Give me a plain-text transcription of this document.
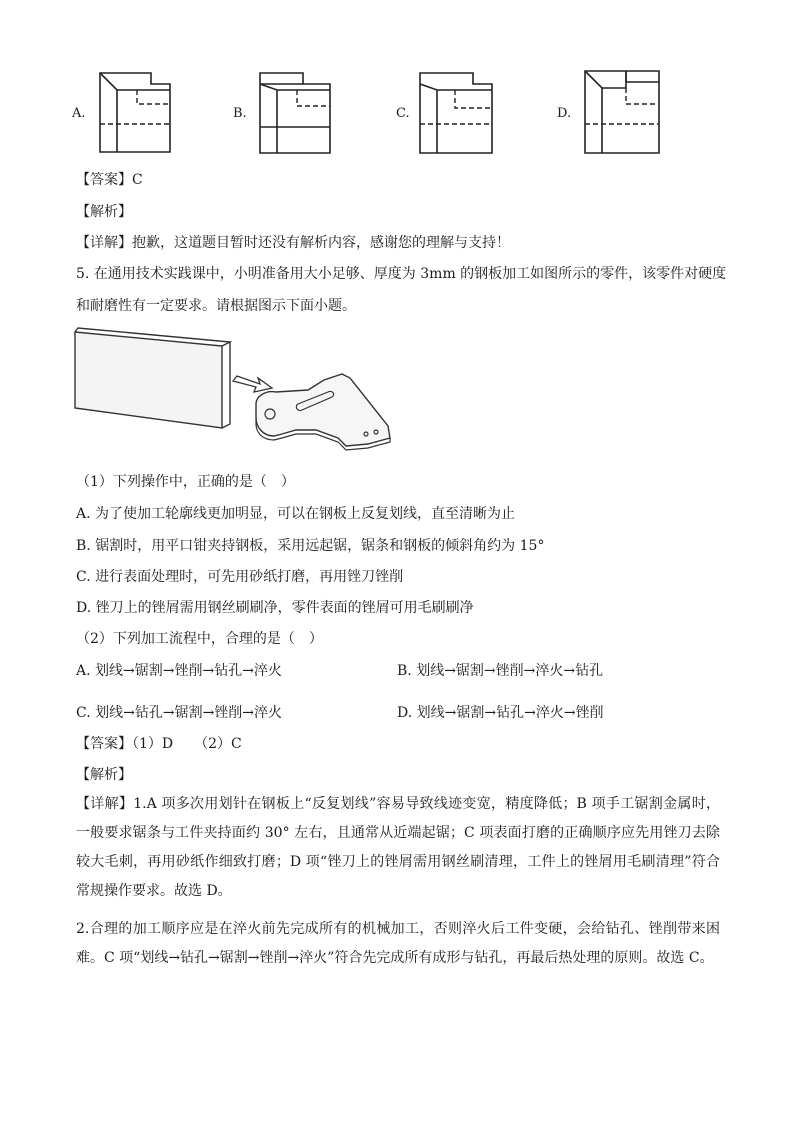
A.	B.	C.	D.
【答案】C
【解析】
【详解】抱歉，这道题目暂时还没有解析内容，感谢您的理解与支持！
5. 在通用技术实践课中，小明准备用大小足够、厚度为 3mm 的钢板加工如图所示的零件，该零件对硬度
和耐磨性有一定要求。请根据图示下面小题。
（1）下列操作中，正确的是（　）
A. 为了使加工轮廓线更加明显，可以在钢板上反复划线，直至清晰为止
B. 锯割时，用平口钳夹持钢板，采用远起锯，锯条和钢板的倾斜角约为 15°
C. 进行表面处理时，可先用砂纸打磨，再用锉刀锉削
D. 锉刀上的锉屑需用钢丝刷刷净，零件表面的锉屑可用毛刷刷净
（2）下列加工流程中，合理的是（　）
A. 划线→锯割→锉削→钻孔→淬火	B. 划线→锯割→锉削→淬火→钻孔
C. 划线→钻孔→锯割→锉削→淬火	D. 划线→锯割→钻孔→淬火→锉削
【答案】（1）D　　（2）C
【解析】
【详解】1.A 项多次用划针在钢板上“反复划线”容易导致线迹变宽，精度降低；B 项手工锯割金属时，一般要求锯条与工件夹持面约 30° 左右，且通常从近端起锯；C 项表面打磨的正确顺序应先用锉刀去除较大毛刺，再用砂纸作细致打磨；D 项“锉刀上的锉屑需用钢丝刷清理，工件上的锉屑用毛刷清理”符合常规操作要求。故选 D。
2.合理的加工顺序应是在淬火前先完成所有的机械加工，否则淬火后工件变硬，会给钻孔、锉削带来困难。C 项“划线→钻孔→锯割→锉削→淬火”符合先完成所有成形与钻孔，再最后热处理的原则。故选 C。
